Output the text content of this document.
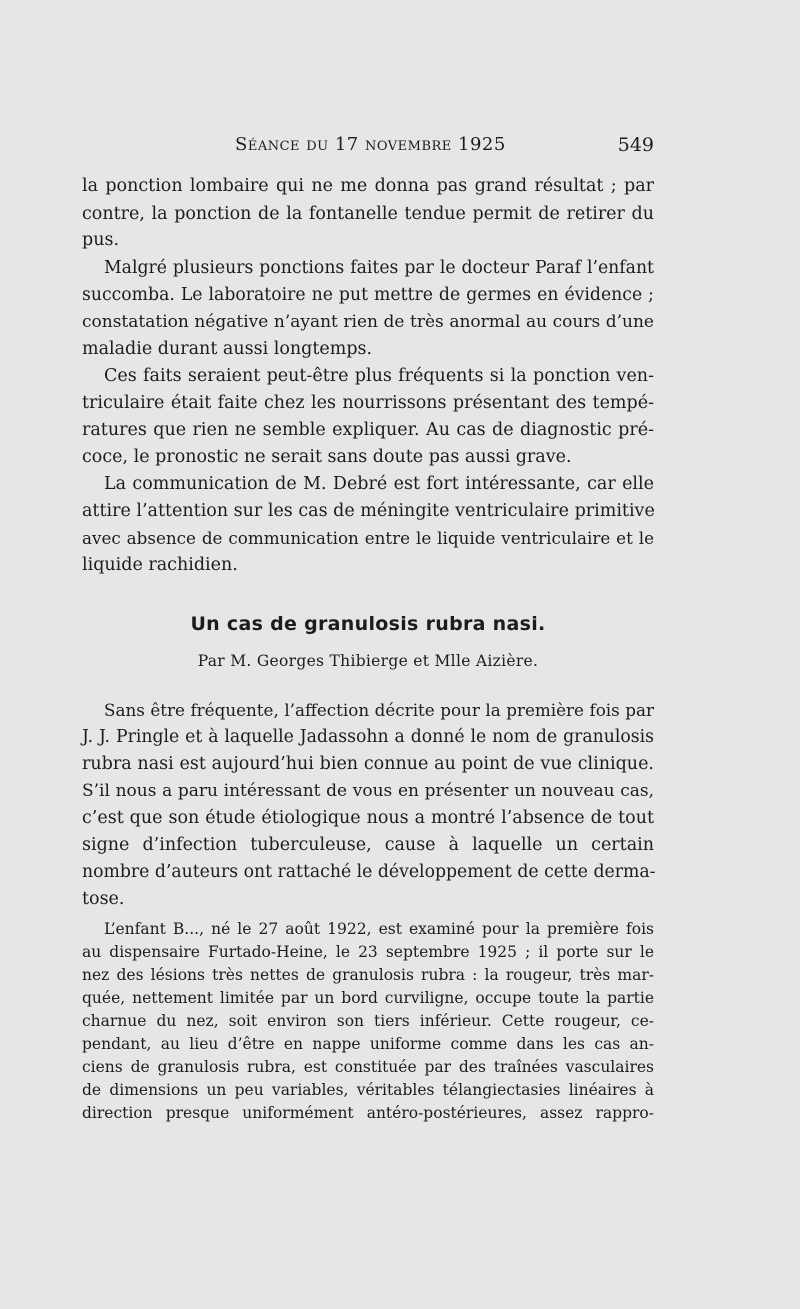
Séance du 17 novembre 1925	549
la ponction lombaire qui ne me donna pas grand résultat ; par
contre, la ponction de la fontanelle tendue permit de retirer du
pus.
Malgré plusieurs ponctions faites par le docteur Paraf l’enfant
succomba. Le laboratoire ne put mettre de germes en évidence ;
constatation négative n’ayant rien de très anormal au cours d’une
maladie durant aussi longtemps.
Ces faits seraient peut-être plus fréquents si la ponction ven-
triculaire était faite chez les nourrissons présentant des tempé-
ratures que rien ne semble expliquer. Au cas de diagnostic pré-
coce, le pronostic ne serait sans doute pas aussi grave.
La communication de M. Debré est fort intéressante, car elle
attire l’attention sur les cas de méningite ventriculaire primitive
avec absence de communication entre le liquide ventriculaire et le
liquide rachidien.
Un cas de granulosis rubra nasi.
Par M. Georges Thibierge et Mlle Aizière.
Sans être fréquente, l’affection décrite pour la première fois par
J. J. Pringle et à laquelle Jadassohn a donné le nom de granulosis
rubra nasi est aujourd’hui bien connue au point de vue clinique.
S’il nous a paru intéressant de vous en présenter un nouveau cas,
c’est que son étude étiologique nous a montré l’absence de tout
signe d’infection tuberculeuse, cause à laquelle un certain
nombre d’auteurs ont rattaché le développement de cette derma-
tose.
L’enfant B..., né le 27 août 1922, est examiné pour la première fois
au dispensaire Furtado-Heine, le 23 septembre 1925 ; il porte sur le
nez des lésions très nettes de granulosis rubra : la rougeur, très mar-
quée, nettement limitée par un bord curviligne, occupe toute la partie
charnue du nez, soit environ son tiers inférieur. Cette rougeur, ce-
pendant, au lieu d’être en nappe uniforme comme dans les cas an-
ciens de granulosis rubra, est constituée par des traînées vasculaires
de dimensions un peu variables, véritables télangiectasies linéaires à
direction presque uniformément antéro-postérieures, assez rappro-
